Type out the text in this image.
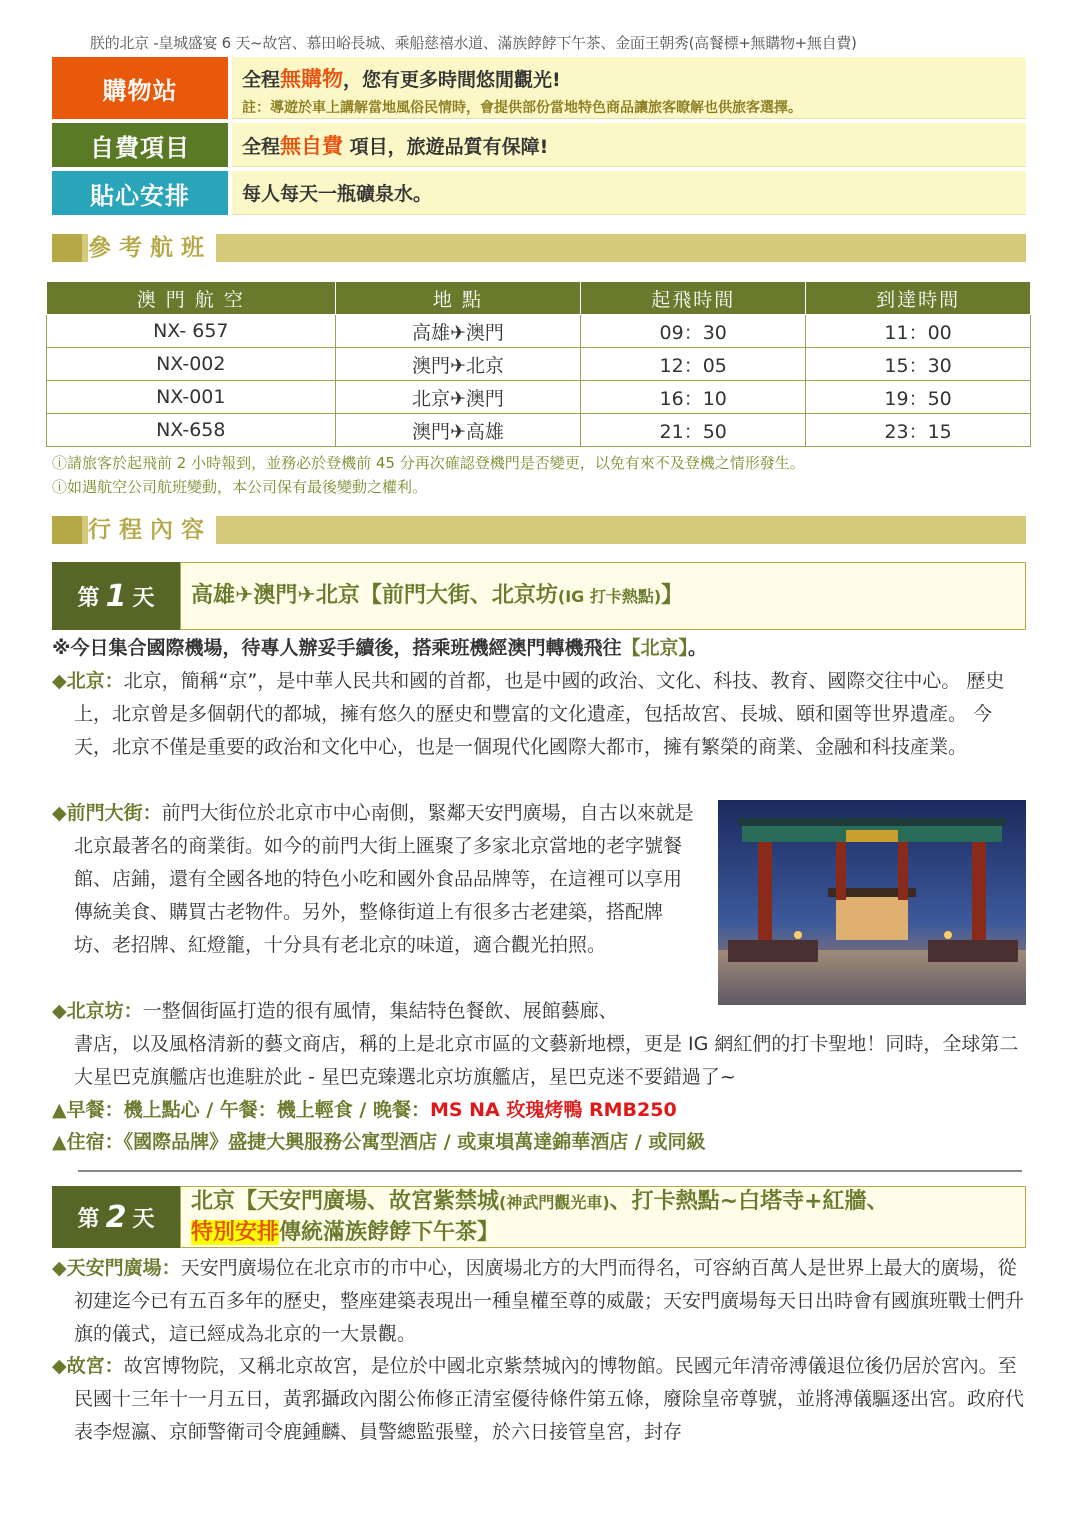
朕的北京 -皇城盛宴 6 天~故宮、慕田峪長城、乘船慈禧水道、滿族餑餑下午茶、金面王朝秀(高餐標+無購物+無自費)
購物站	全程無購物，您有更多時間悠閒觀光!
註：導遊於車上講解當地風俗民情時，會提供部份當地特色商品讓旅客瞭解也供旅客選擇。
自費項目	全程無自費 項目，旅遊品質有保障!
貼心安排	每人每天一瓶礦泉水。
參考航班
澳 門 航 空	地 點	起飛時間	到達時間
NX- 657	高雄✈澳門	09：30	11：00
NX-002	澳門✈北京	12：05	15：30
NX-001	北京✈澳門	16：10	19：50
NX-658	澳門✈高雄	21：50	23：15
ⓘ請旅客於起飛前 2 小時報到，並務必於登機前 45 分再次確認登機門是否變更，以免有來不及登機之情形發生。
ⓘ如遇航空公司航班變動，本公司保有最後變動之權利。
行程內容
第 1 天 高雄✈澳門✈北京【前門大街、北京坊(IG 打卡熱點)】
※今日集合國際機場，待專人辦妥手續後，搭乘班機經澳門轉機飛往【北京】。
◆北京：北京，簡稱“京”，是中華人民共和國的首都，也是中國的政治、文化、科技、教育、國際交往中心。 歷史上，北京曾是多個朝代的都城，擁有悠久的歷史和豐富的文化遺產，包括故宮、長城、頤和園等世界遺產。 今天，北京不僅是重要的政治和文化中心，也是一個現代化國際大都市，擁有繁榮的商業、金融和科技產業。
◆前門大街：前門大街位於北京市中心南側，緊鄰天安門廣場，自古以來就是北京最著名的商業街。如今的前門大街上匯聚了多家北京當地的老字號餐館、店鋪，還有全國各地的特色小吃和國外食品品牌等，在這裡可以享用傳統美食、購買古老物件。另外，整條街道上有很多古老建築，搭配牌坊、老招牌、紅燈籠，十分具有老北京的味道，適合觀光拍照。
◆北京坊：一整個街區打造的很有風情，集結特色餐飲、展館藝廊、
書店，以及風格清新的藝文商店，稱的上是北京市區的文藝新地標，更是 IG 網紅們的打卡聖地！同時，全球第二大星巴克旗艦店也進駐於此 - 星巴克臻選北京坊旗艦店，星巴克迷不要錯過了~
▲早餐：機上點心 / 午餐：機上輕食 / 晚餐：MS NA 玫瑰烤鴨 RMB250
▲住宿：《國際品牌》盛捷大興服務公寓型酒店 / 或東塤萬達錦華酒店 / 或同級
第 2 天
北京【天安門廣場、故宮紫禁城(神武門觀光車)、打卡熱點~白塔寺+紅牆、
特別安排傳統滿族餑餑下午茶】
◆天安門廣場：天安門廣場位在北京市的市中心，因廣場北方的大門而得名，可容納百萬人是世界上最大的廣場，從初建迄今已有五百多年的歷史，整座建築表現出一種皇權至尊的威嚴；天安門廣場每天日出時會有國旗班戰士們升旗的儀式，這已經成為北京的一大景觀。
◆故宮：故宮博物院，又稱北京故宮，是位於中國北京紫禁城內的博物館。民國元年清帝溥儀退位後仍居於宮內。至民國十三年十一月五日，黃郛攝政內閣公佈修正清室優待條件第五條，廢除皇帝尊號，並將溥儀驅逐出宮。政府代表李煜瀛、京師警衛司令鹿鍾麟、員警總監張璧，於六日接管皇宮，封存
